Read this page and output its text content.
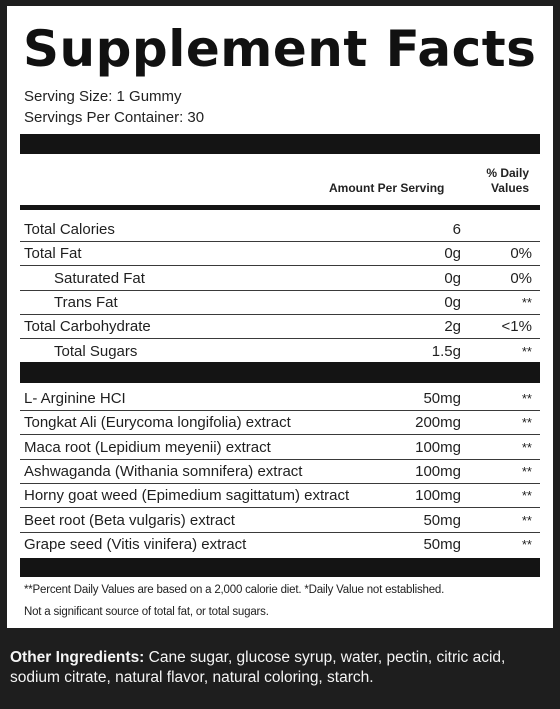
Supplement Facts
Serving Size: 1 Gummy
Servings Per Container: 30
Amount Per Serving
% Daily
Values
Total Calories	6
Total Fat	0g	0%
Saturated Fat	0g	0%
Trans Fat	0g	**
Total Carbohydrate	2g	<1%
Total Sugars	1.5g	**
L- Arginine HCI	50mg	**
Tongkat Ali (Eurycoma longifolia) extract	200mg	**
Maca root (Lepidium meyenii) extract	100mg	**
Ashwaganda (Withania somnifera) extract	100mg	**
Horny goat weed (Epimedium sagittatum) extract	100mg	**
Beet root (Beta vulgaris) extract	50mg	**
Grape seed (Vitis vinifera) extract	50mg	**
**Percent Daily Values are based on a 2,000 calorie diet. *Daily Value not established.
Not a significant source of total fat, or total sugars.
Other Ingredients: Cane sugar, glucose syrup, water, pectin, citric acid, sodium citrate, natural flavor, natural coloring, starch.
